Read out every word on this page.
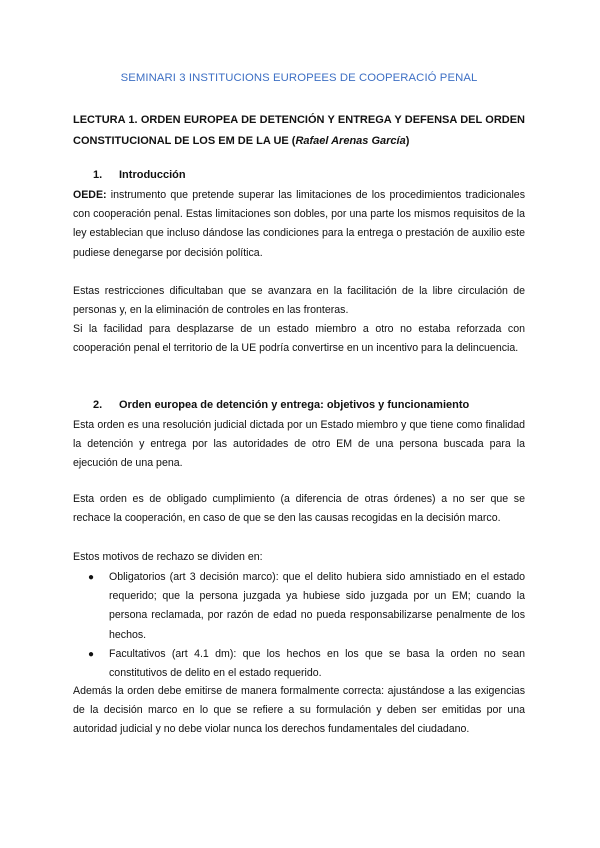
SEMINARI 3 INSTITUCIONS EUROPEES DE COOPERACIÓ PENAL
LECTURA 1. ORDEN EUROPEA DE DETENCIÓN Y ENTREGA Y DEFENSA DEL ORDEN CONSTITUCIONAL DE LOS EM DE LA UE (Rafael Arenas García)
1. Introducción
OEDE: instrumento que pretende superar las limitaciones de los procedimientos tradicionales con cooperación penal. Estas limitaciones son dobles, por una parte los mismos requisitos de la ley establecian que incluso dándose las condiciones para la entrega o prestación de auxilio este pudiese denegarse por decisión política.
Estas restricciones dificultaban que se avanzara en la facilitación de la libre circulación de personas y, en la eliminación de controles en las fronteras.
Si la facilidad para desplazarse de un estado miembro a otro no estaba reforzada con cooperación penal el territorio de la UE podría convertirse en un incentivo para la delincuencia.
2. Orden europea de detención y entrega: objetivos y funcionamiento
Esta orden es una resolución judicial dictada por un Estado miembro y que tiene como finalidad la detención y entrega por las autoridades de otro EM de una persona buscada para la ejecución de una pena.
Esta orden es de obligado cumplimiento (a diferencia de otras órdenes) a no ser que se rechace la cooperación, en caso de que se den las causas recogidas en la decisión marco.
Estos motivos de rechazo se dividen en:
● Obligatorios (art 3 decisión marco): que el delito hubiera sido amnistiado en el estado requerido; que la persona juzgada ya hubiese sido juzgada por un EM; cuando la persona reclamada, por razón de edad no pueda responsabilizarse penalmente de los hechos.
● Facultativos (art 4.1 dm): que los hechos en los que se basa la orden no sean constitutivos de delito en el estado requerido.
Además la orden debe emitirse de manera formalmente correcta: ajustándose a las exigencias de la decisión marco en lo que se refiere a su formulación y deben ser emitidas por una autoridad judicial y no debe violar nunca los derechos fundamentales del ciudadano.
